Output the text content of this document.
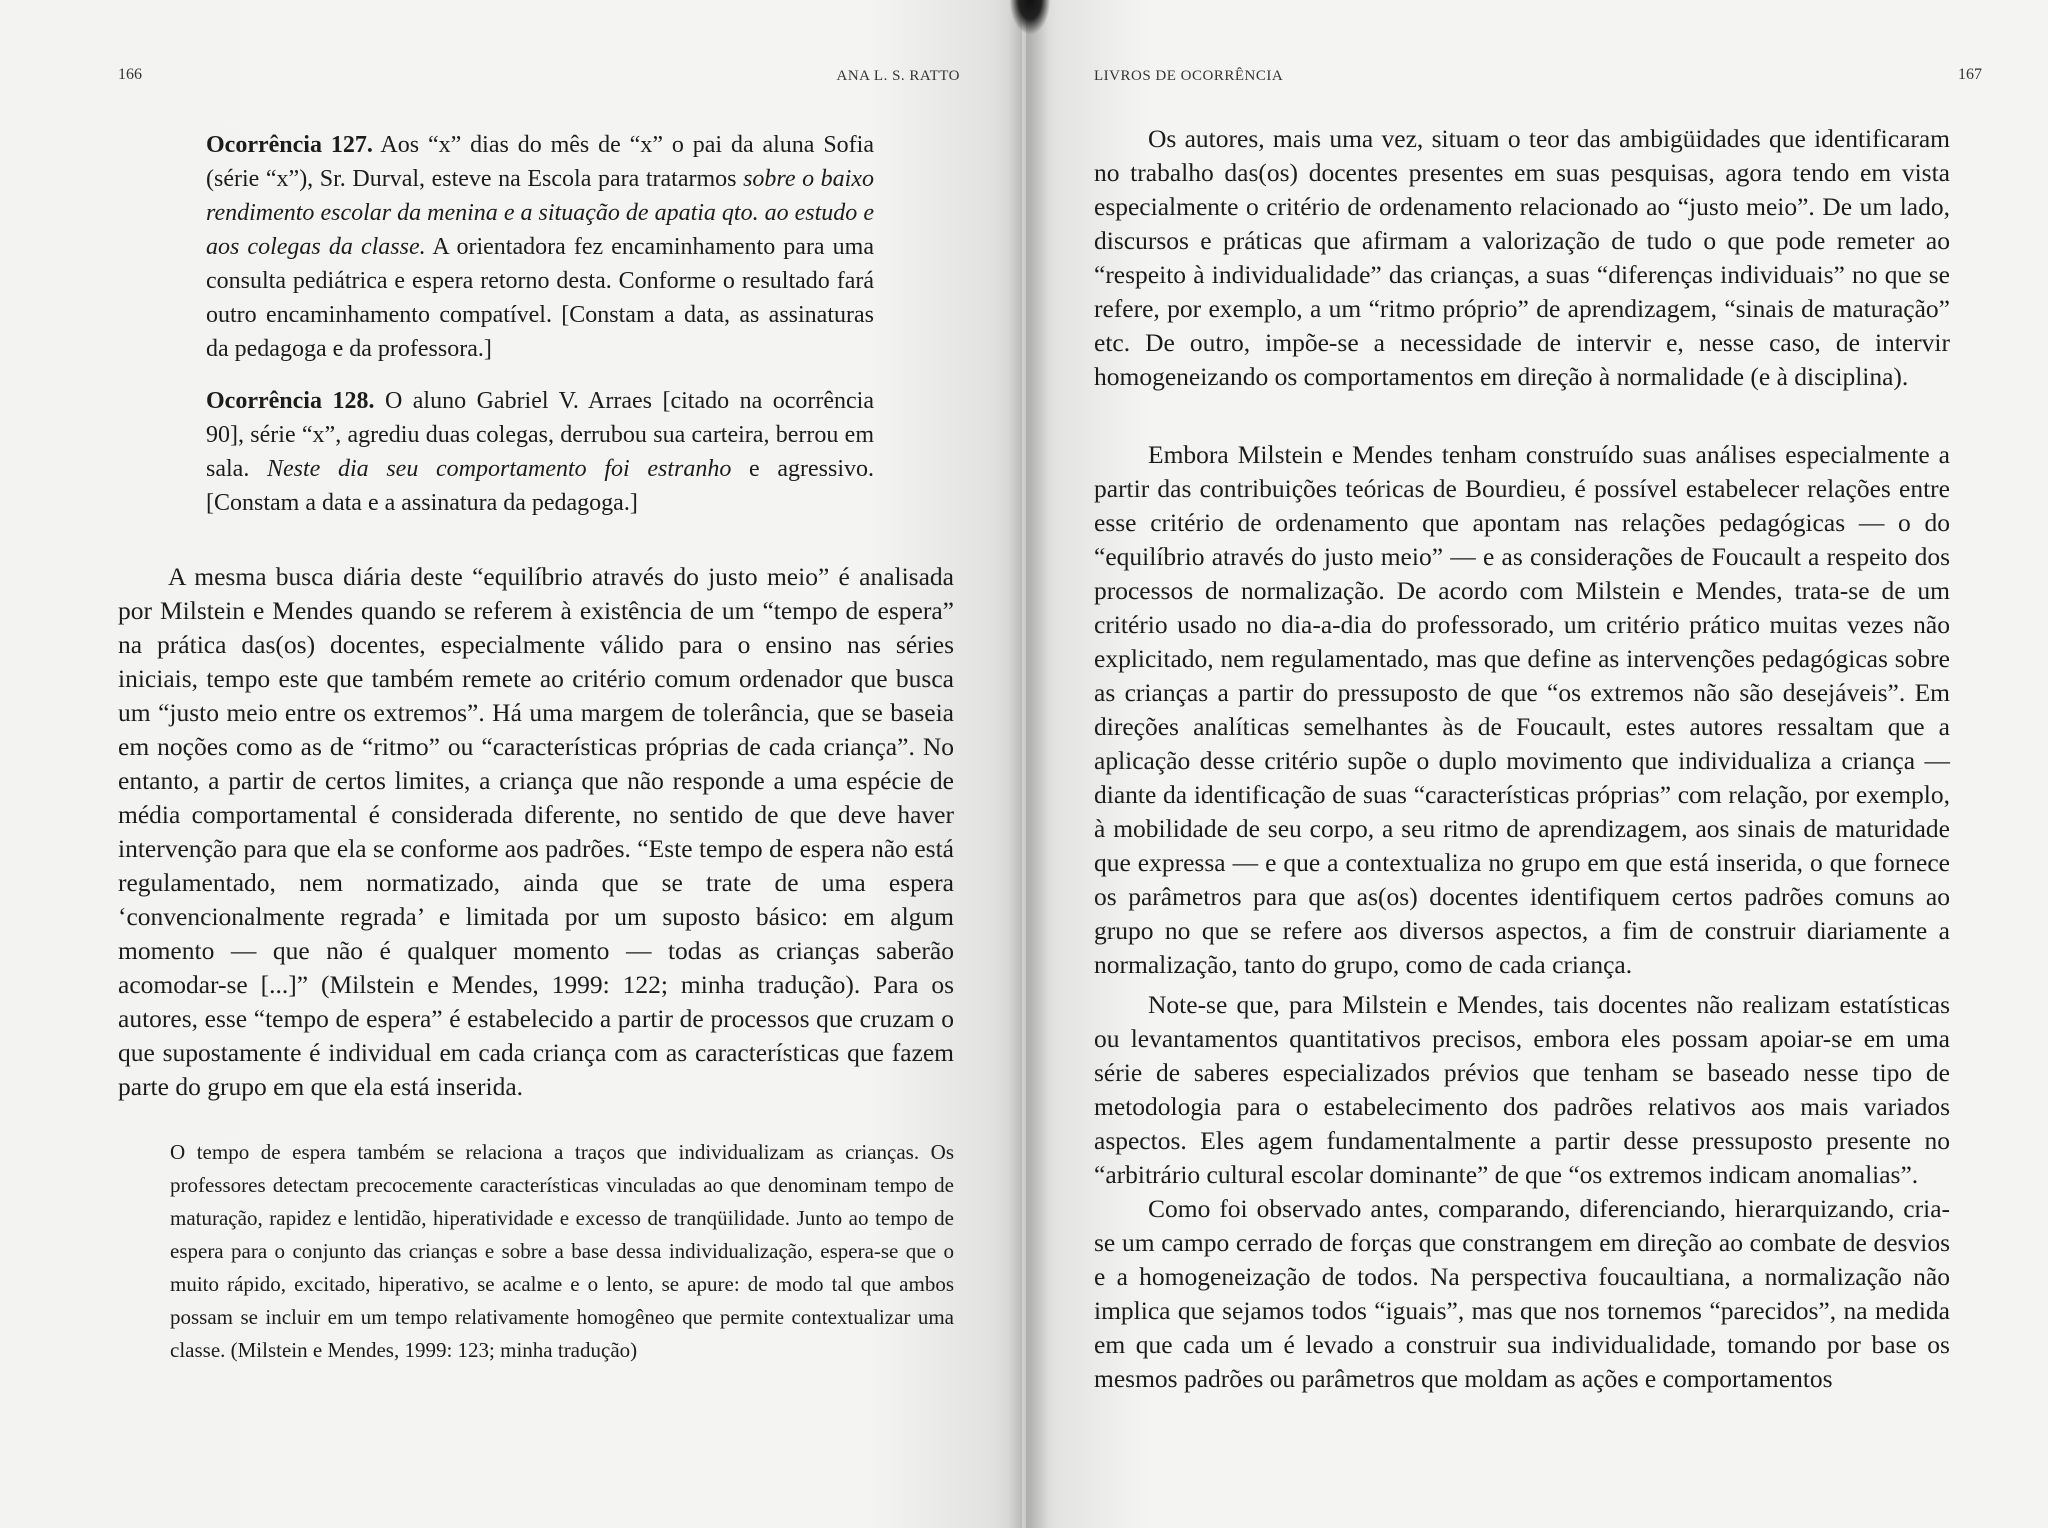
166	ANA L. S. RATTO
Ocorrência 127. Aos “x” dias do mês de “x” o pai da aluna Sofia (série “x”), Sr. Durval, esteve na Escola para tratarmos sobre o baixo rendimento escolar da menina e a situação de apatia qto. ao estudo e aos colegas da classe. A orientadora fez encaminhamento para uma consulta pediátrica e espera retorno desta. Conforme o resultado fará outro encaminhamento compatível. [Constam a data, as assinaturas da pedagoga e da professora.]
Ocorrência 128. O aluno Gabriel V. Arraes [citado na ocorrência 90], série “x”, agrediu duas colegas, derrubou sua carteira, berrou em sala. Neste dia seu comportamento foi estranho e agressivo. [Constam a data e a assinatura da pedagoga.]
A mesma busca diária deste “equilíbrio através do justo meio” é analisada por Milstein e Mendes quando se referem à existência de um “tempo de espera” na prática das(os) docentes, especialmente válido para o ensino nas séries iniciais, tempo este que também remete ao critério comum ordenador que busca um “justo meio entre os extremos”. Há uma margem de tolerância, que se baseia em noções como as de “ritmo” ou “características próprias de cada criança”. No entanto, a partir de certos limites, a criança que não responde a uma espécie de média comportamental é considerada diferente, no sentido de que deve haver intervenção para que ela se conforme aos padrões. “Este tempo de espera não está regulamentado, nem normatizado, ainda que se trate de uma espera ‘convencionalmente regrada’ e limitada por um suposto básico: em algum momento — que não é qualquer momento — todas as crianças saberão acomodar-se [...]” (Milstein e Mendes, 1999: 122; minha tradução). Para os autores, esse “tempo de espera” é estabelecido a partir de processos que cruzam o que supostamente é individual em cada criança com as características que fazem parte do grupo em que ela está inserida.
O tempo de espera também se relaciona a traços que individualizam as crianças. Os professores detectam precocemente características vinculadas ao que denominam tempo de maturação, rapidez e lentidão, hiperatividade e excesso de tranqüilidade. Junto ao tempo de espera para o conjunto das crianças e sobre a base dessa individualização, espera-se que o muito rápido, excitado, hiperativo, se acalme e o lento, se apure: de modo tal que ambos possam se incluir em um tempo relativamente homogêneo que permite contextualizar uma classe. (Milstein e Mendes, 1999: 123; minha tradução)
LIVROS DE OCORRÊNCIA	167

Os autores, mais uma vez, situam o teor das ambigüidades que identificaram no trabalho das(os) docentes presentes em suas pesquisas, agora tendo em vista especialmente o critério de ordenamento relacionado ao “justo meio”. De um lado, discursos e práticas que afirmam a valorização de tudo o que pode remeter ao “respeito à individualidade” das crianças, a suas “diferenças individuais” no que se refere, por exemplo, a um “ritmo próprio” de aprendizagem, “sinais de maturação” etc. De outro, impõe-se a necessidade de intervir e, nesse caso, de intervir homogeneizando os comportamentos em direção à normalidade (e à disciplina).

Embora Milstein e Mendes tenham construído suas análises especialmente a partir das contribuições teóricas de Bourdieu, é possível estabelecer relações entre esse critério de ordenamento que apontam nas relações pedagógicas — o do “equilíbrio através do justo meio” — e as considerações de Foucault a respeito dos processos de normalização. De acordo com Milstein e Mendes, trata-se de um critério usado no dia-a-dia do professorado, um critério prático muitas vezes não explicitado, nem regulamentado, mas que define as intervenções pedagógicas sobre as crianças a partir do pressuposto de que “os extremos não são desejáveis”. Em direções analíticas semelhantes às de Foucault, estes autores ressaltam que a aplicação desse critério supõe o duplo movimento que individualiza a criança — diante da identificação de suas “características próprias” com relação, por exemplo, à mobilidade de seu corpo, a seu ritmo de aprendizagem, aos sinais de maturidade que expressa — e que a contextualiza no grupo em que está inserida, o que fornece os parâmetros para que as(os) docentes identifiquem certos padrões comuns ao grupo no que se refere aos diversos aspectos, a fim de construir diariamente a normalização, tanto do grupo, como de cada criança.

Note-se que, para Milstein e Mendes, tais docentes não realizam estatísticas ou levantamentos quantitativos precisos, embora eles possam apoiar-se em uma série de saberes especializados prévios que tenham se baseado nesse tipo de metodologia para o estabelecimento dos padrões relativos aos mais variados aspectos. Eles agem fundamentalmente a partir desse pressuposto presente no “arbitrário cultural escolar dominante” de que “os extremos indicam anomalias”.

Como foi observado antes, comparando, diferenciando, hierarquizando, cria-se um campo cerrado de forças que constrangem em direção ao combate de desvios e a homogeneização de todos. Na perspectiva foucaultiana, a normalização não implica que sejamos todos “iguais”, mas que nos tornemos “parecidos”, na medida em que cada um é levado a construir sua individualidade, tomando por base os mesmos padrões ou parâmetros que moldam as ações e comportamentos
